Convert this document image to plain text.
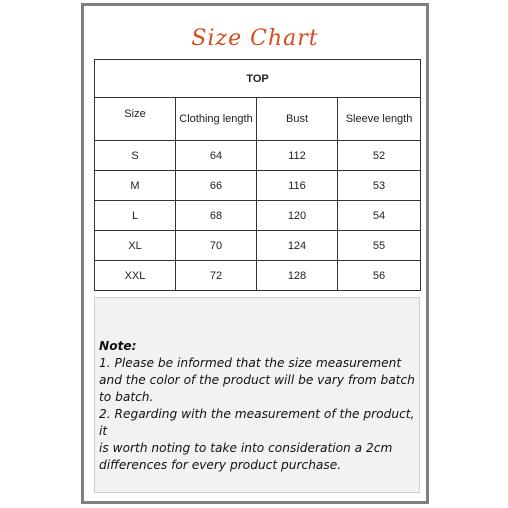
Size Chart
TOP			
Size	Clothing length	Bust	Sleeve length
S	64	112	52
M	66	116	53
L	68	120	54
XL	70	124	55
XXL	72	128	56
Note:
1. Please be informed that the size measurement
and the color of the product will be vary from batch
to batch.
2. Regarding with the measurement of the product, it
is worth noting to take into consideration a 2cm
differences for every product purchase.
